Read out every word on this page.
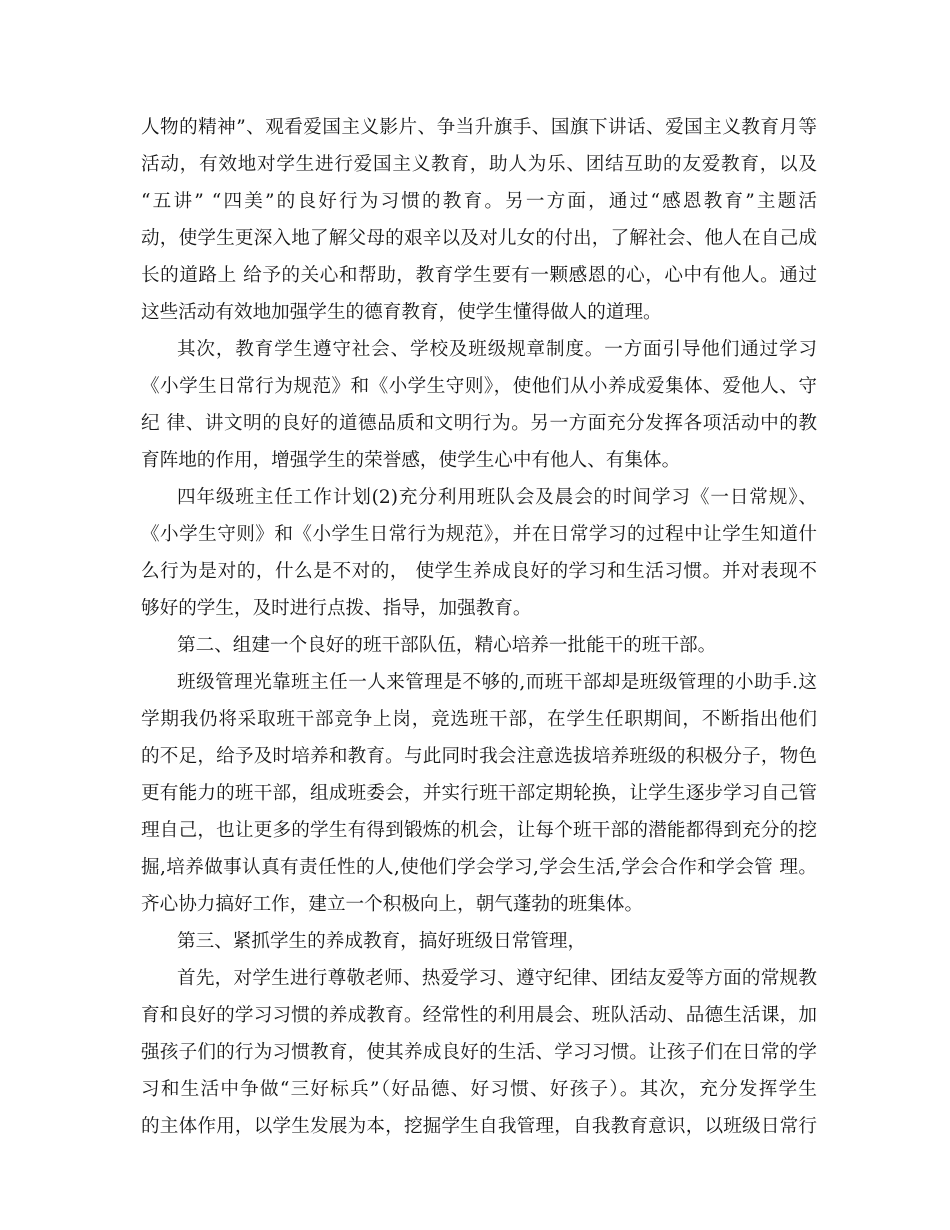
人物的精神”、观看爱国主义影片、争当升旗手、国旗下讲话、爱国主义教育月等
活动，有效地对学生进行爱国主义教育，助人为乐、团结互助的友爱教育，以及
“五讲” “四美”的良好行为习惯的教育。另一方面，通过“感恩教育”主题活
动，使学生更深入地了解父母的艰辛以及对儿女的付出，了解社会、他人在自己成
长的道路上 给予的关心和帮助，教育学生要有一颗感恩的心，心中有他人。通过
这些活动有效地加强学生的德育教育，使学生懂得做人的道理。
其次，教育学生遵守社会、学校及班级规章制度。一方面引导他们通过学习
《小学生日常行为规范》和《小学生守则》，使他们从小养成爱集体、爱他人、守
纪 律、讲文明的良好的道德品质和文明行为。另一方面充分发挥各项活动中的教
育阵地的作用，增强学生的荣誉感，使学生心中有他人、有集体。
四年级班主任工作计划(2)充分利用班队会及晨会的时间学习《一日常规》、
《小学生守则》和《小学生日常行为规范》，并在日常学习的过程中让学生知道什
么行为是对的，什么是不对的， 使学生养成良好的学习和生活习惯。并对表现不
够好的学生，及时进行点拨、指导，加强教育。
第二、组建一个良好的班干部队伍，精心培养一批能干的班干部。
班级管理光靠班主任一人来管理是不够的,而班干部却是班级管理的小助手.这
学期我仍将采取班干部竞争上岗，竞选班干部，在学生任职期间，不断指出他们
的不足，给予及时培养和教育。与此同时我会注意选拔培养班级的积极分子，物色
更有能力的班干部，组成班委会，并实行班干部定期轮换，让学生逐步学习自己管
理自己，也让更多的学生有得到锻炼的机会，让每个班干部的潜能都得到充分的挖
掘,培养做事认真有责任性的人,使他们学会学习,学会生活,学会合作和学会管 理。
齐心协力搞好工作，建立一个积极向上，朝气蓬勃的班集体。
第三、紧抓学生的养成教育，搞好班级日常管理，
首先，对学生进行尊敬老师、热爱学习、遵守纪律、团结友爱等方面的常规教
育和良好的学习习惯的养成教育。经常性的利用晨会、班队活动、品德生活课，加
强孩子们的行为习惯教育，使其养成良好的生活、学习习惯。让孩子们在日常的学
习和生活中争做“三好标兵”（好品德、好习惯、好孩子）。其次，充分发挥学生
的主体作用，以学生发展为本，挖掘学生自我管理，自我教育意识，以班级日常行
